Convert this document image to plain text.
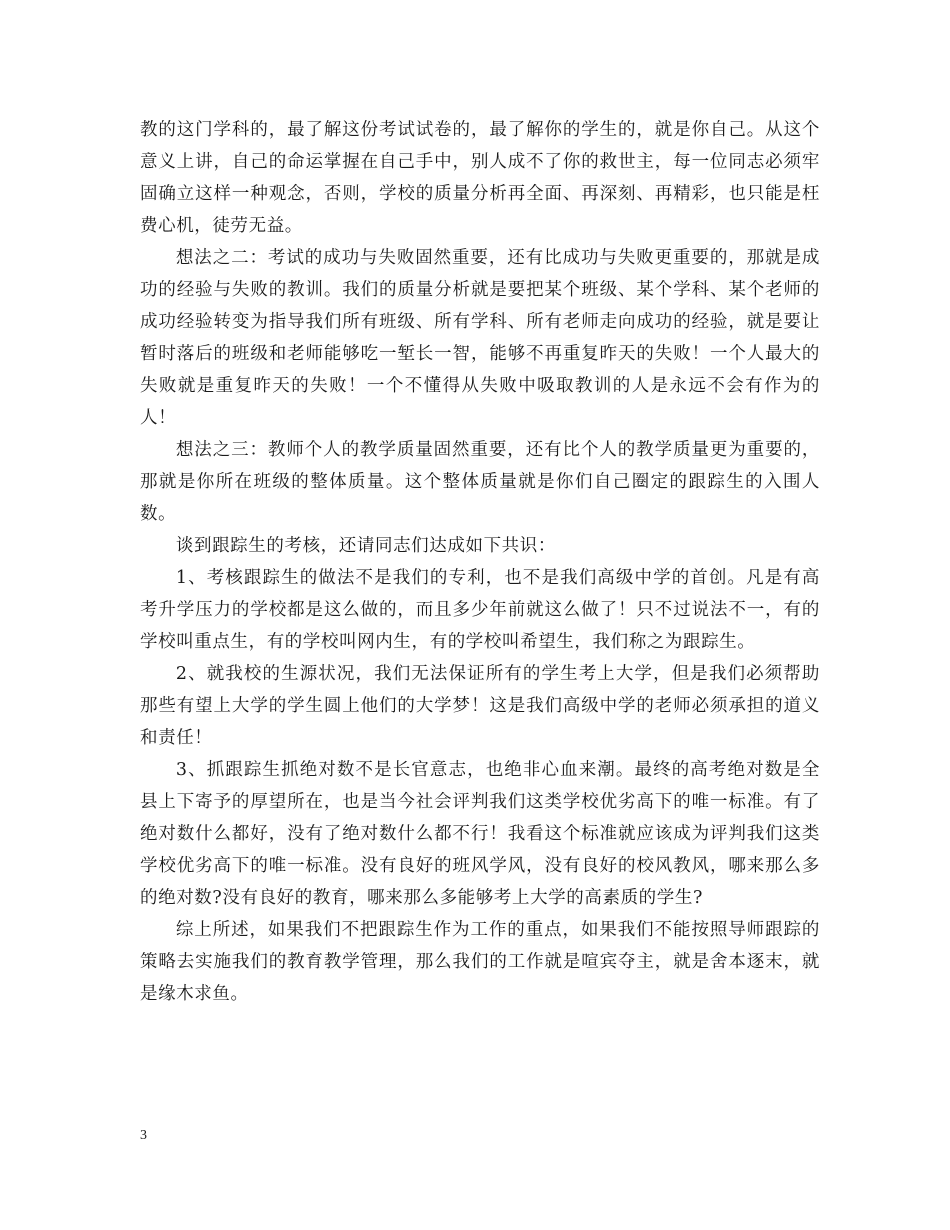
教的这门学科的，最了解这份考试试卷的，最了解你的学生的，就是你自己。从这个意义上讲，自己的命运掌握在自己手中，别人成不了你的救世主，每一位同志必须牢固确立这样一种观念，否则，学校的质量分析再全面、再深刻、再精彩，也只能是枉费心机，徒劳无益。

想法之二：考试的成功与失败固然重要，还有比成功与失败更重要的，那就是成功的经验与失败的教训。我们的质量分析就是要把某个班级、某个学科、某个老师的成功经验转变为指导我们所有班级、所有学科、所有老师走向成功的经验，就是要让暂时落后的班级和老师能够吃一堑长一智，能够不再重复昨天的失败！一个人最大的失败就是重复昨天的失败！一个不懂得从失败中吸取教训的人是永远不会有作为的人！

想法之三：教师个人的教学质量固然重要，还有比个人的教学质量更为重要的，那就是你所在班级的整体质量。这个整体质量就是你们自己圈定的跟踪生的入围人数。

谈到跟踪生的考核，还请同志们达成如下共识：

1、考核跟踪生的做法不是我们的专利，也不是我们高级中学的首创。凡是有高考升学压力的学校都是这么做的，而且多少年前就这么做了！只不过说法不一，有的学校叫重点生，有的学校叫网内生，有的学校叫希望生，我们称之为跟踪生。

2、就我校的生源状况，我们无法保证所有的学生考上大学，但是我们必须帮助那些有望上大学的学生圆上他们的大学梦！这是我们高级中学的老师必须承担的道义和责任！

3、抓跟踪生抓绝对数不是长官意志，也绝非心血来潮。最终的高考绝对数是全县上下寄予的厚望所在，也是当今社会评判我们这类学校优劣高下的唯一标准。有了绝对数什么都好，没有了绝对数什么都不行！我看这个标准就应该成为评判我们这类学校优劣高下的唯一标准。没有良好的班风学风，没有良好的校风教风，哪来那么多的绝对数?没有良好的教育，哪来那么多能够考上大学的高素质的学生?

综上所述，如果我们不把跟踪生作为工作的重点，如果我们不能按照导师跟踪的策略去实施我们的教育教学管理，那么我们的工作就是喧宾夺主，就是舍本逐末，就是缘木求鱼。

3
